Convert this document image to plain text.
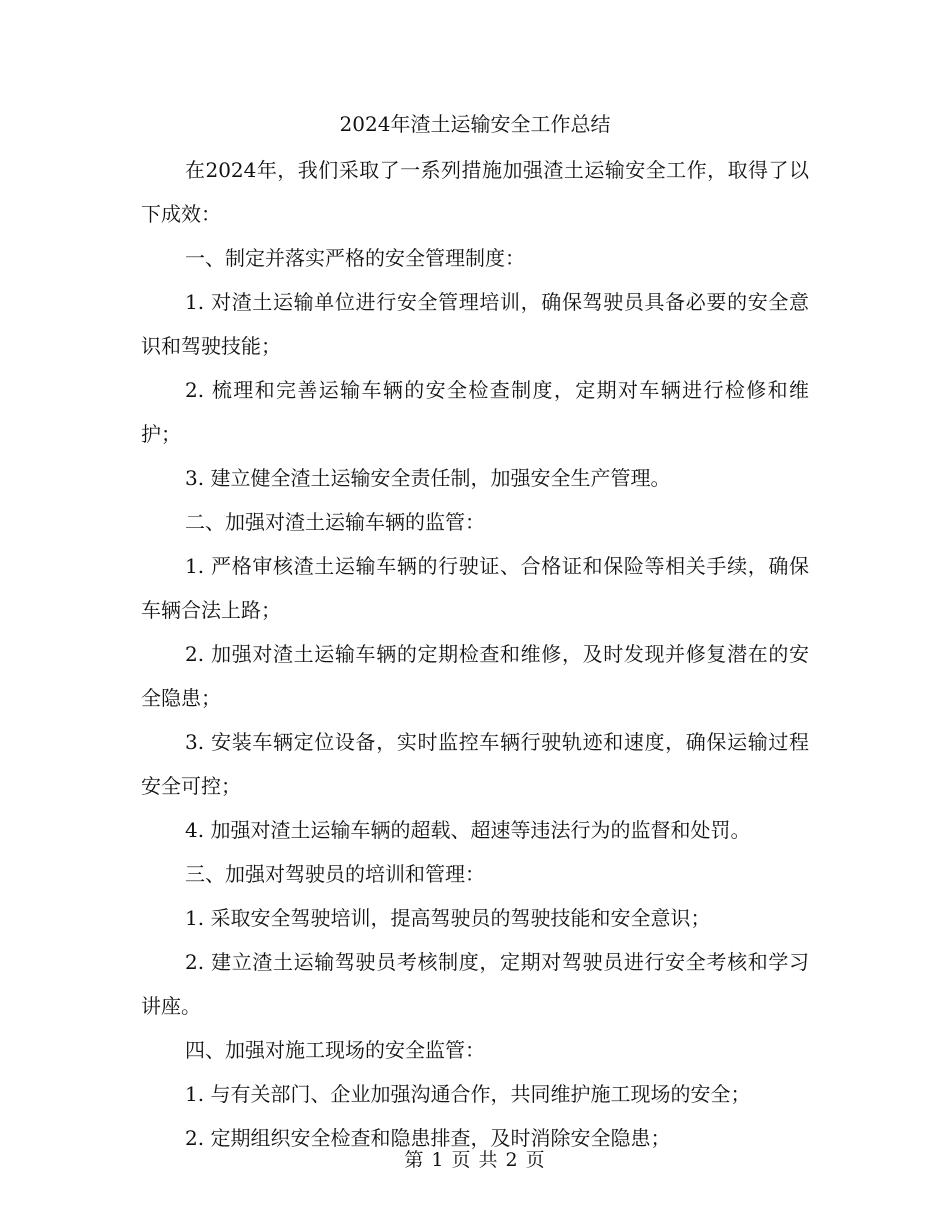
2024年渣土运输安全工作总结

在2024年，我们采取了一系列措施加强渣土运输安全工作，取得了以下成效：

一、制定并落实严格的安全管理制度：

1. 对渣土运输单位进行安全管理培训，确保驾驶员具备必要的安全意识和驾驶技能；

2. 梳理和完善运输车辆的安全检查制度，定期对车辆进行检修和维护；

3. 建立健全渣土运输安全责任制，加强安全生产管理。

二、加强对渣土运输车辆的监管：

1. 严格审核渣土运输车辆的行驶证、合格证和保险等相关手续，确保车辆合法上路；

2. 加强对渣土运输车辆的定期检查和维修，及时发现并修复潜在的安全隐患；

3. 安装车辆定位设备，实时监控车辆行驶轨迹和速度，确保运输过程安全可控；

4. 加强对渣土运输车辆的超载、超速等违法行为的监督和处罚。

三、加强对驾驶员的培训和管理：

1. 采取安全驾驶培训，提高驾驶员的驾驶技能和安全意识；

2. 建立渣土运输驾驶员考核制度，定期对驾驶员进行安全考核和学习讲座。

四、加强对施工现场的安全监管：

1. 与有关部门、企业加强沟通合作，共同维护施工现场的安全；

2. 定期组织安全检查和隐患排查，及时消除安全隐患；

第 1 页 共 2 页
